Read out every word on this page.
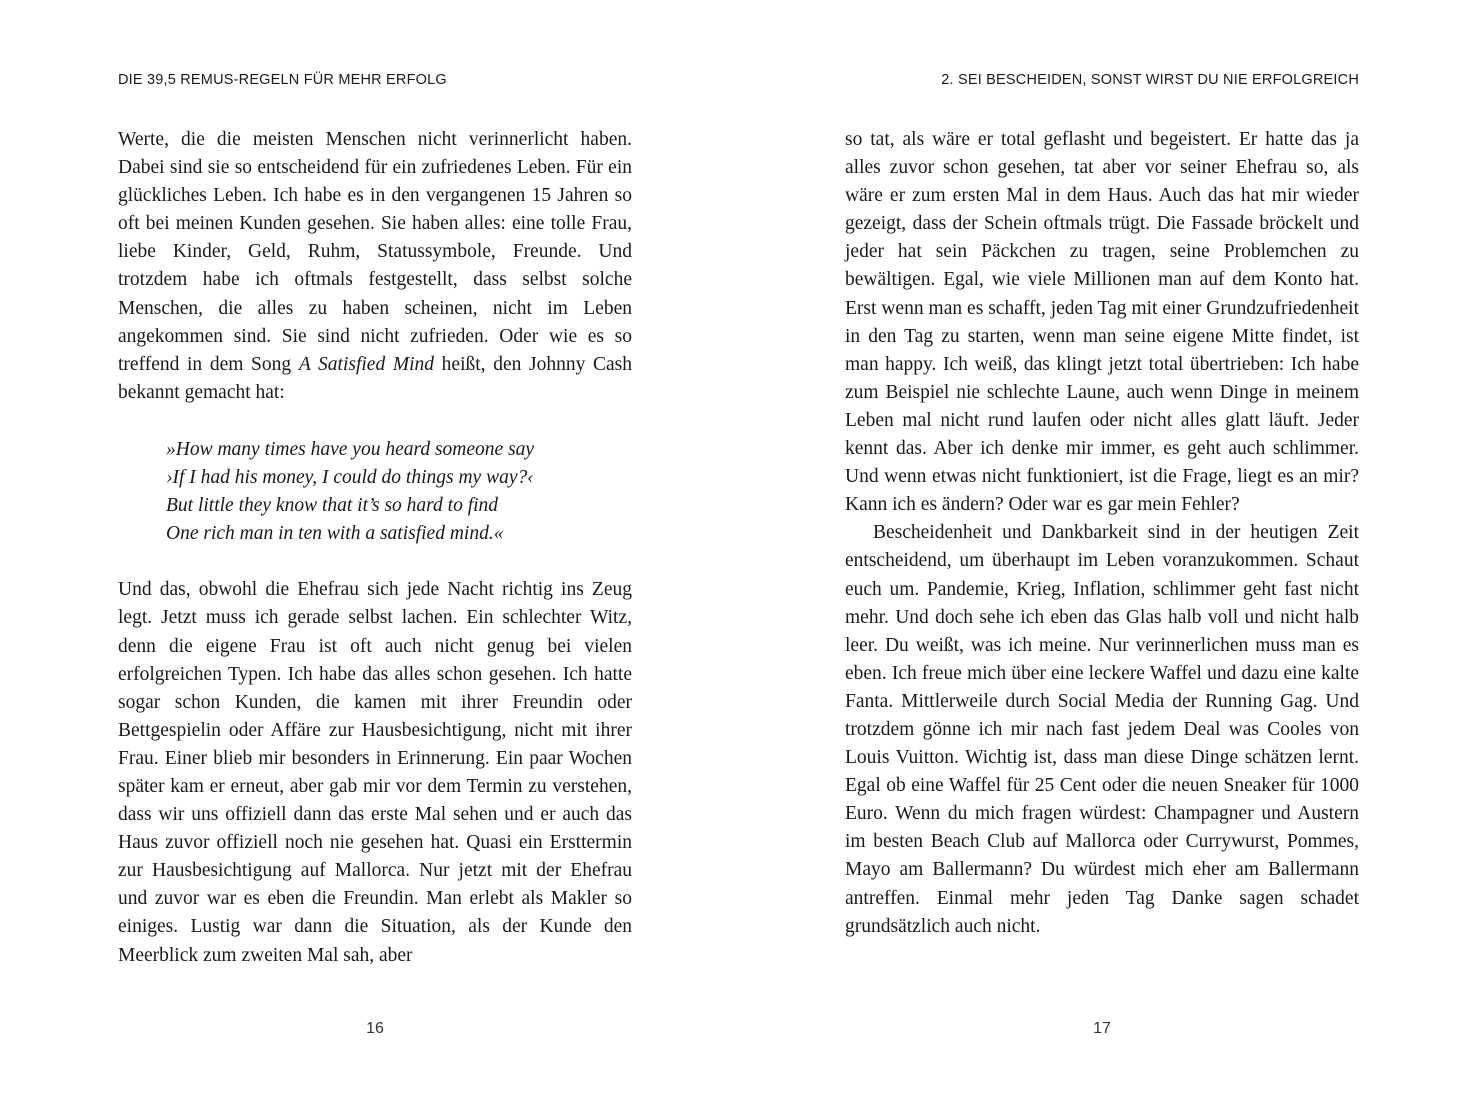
DIE 39,5 REMUS-REGELN FÜR MEHR ERFOLG

Werte, die die meisten Menschen nicht verinnerlicht haben. Dabei sind sie so entscheidend für ein zufriedenes Leben. Für ein glückliches Leben. Ich habe es in den vergangenen 15 Jahren so oft bei meinen Kunden gesehen. Sie haben alles: eine tolle Frau, liebe Kinder, Geld, Ruhm, Statussymbole, Freunde. Und trotzdem habe ich oftmals festgestellt, dass selbst solche Menschen, die alles zu haben scheinen, nicht im Leben angekommen sind. Sie sind nicht zufrieden. Oder wie es so treffend in dem Song A Satisfied Mind heißt, den Johnny Cash bekannt gemacht hat:

»How many times have you heard someone say
›If I had his money, I could do things my way?‹
But little they know that it’s so hard to find
One rich man in ten with a satisfied mind.«

Und das, obwohl die Ehefrau sich jede Nacht richtig ins Zeug legt. Jetzt muss ich gerade selbst lachen. Ein schlechter Witz, denn die eigene Frau ist oft auch nicht genug bei vielen erfolgreichen Typen. Ich habe das alles schon gesehen. Ich hatte sogar schon Kunden, die kamen mit ihrer Freundin oder Bettgespielin oder Affäre zur Hausbesichtigung, nicht mit ihrer Frau. Einer blieb mir besonders in Erinnerung. Ein paar Wochen später kam er erneut, aber gab mir vor dem Termin zu verstehen, dass wir uns offiziell dann das erste Mal sehen und er auch das Haus zuvor offiziell noch nie gesehen hat. Quasi ein Ersttermin zur Hausbesichtigung auf Mallorca. Nur jetzt mit der Ehefrau und zuvor war es eben die Freundin. Man erlebt als Makler so einiges. Lustig war dann die Situation, als der Kunde den Meerblick zum zweiten Mal sah, aber

16
2. SEI BESCHEIDEN, SONST WIRST DU NIE ERFOLGREICH

so tat, als wäre er total geflasht und begeistert. Er hatte das ja alles zuvor schon gesehen, tat aber vor seiner Ehefrau so, als wäre er zum ersten Mal in dem Haus. Auch das hat mir wieder gezeigt, dass der Schein oftmals trügt. Die Fassade bröckelt und jeder hat sein Päckchen zu tragen, seine Problemchen zu bewältigen. Egal, wie viele Millionen man auf dem Konto hat. Erst wenn man es schafft, jeden Tag mit einer Grundzufriedenheit in den Tag zu starten, wenn man seine eigene Mitte findet, ist man happy. Ich weiß, das klingt jetzt total übertrieben: Ich habe zum Beispiel nie schlechte Laune, auch wenn Dinge in meinem Leben mal nicht rund laufen oder nicht alles glatt läuft. Jeder kennt das. Aber ich denke mir immer, es geht auch schlimmer. Und wenn etwas nicht funktioniert, ist die Frage, liegt es an mir? Kann ich es ändern? Oder war es gar mein Fehler?

Bescheidenheit und Dankbarkeit sind in der heutigen Zeit entscheidend, um überhaupt im Leben voranzukommen. Schaut euch um. Pandemie, Krieg, Inflation, schlimmer geht fast nicht mehr. Und doch sehe ich eben das Glas halb voll und nicht halb leer. Du weißt, was ich meine. Nur verinnerlichen muss man es eben. Ich freue mich über eine leckere Waffel und dazu eine kalte Fanta. Mittlerweile durch Social Media der Running Gag. Und trotzdem gönne ich mir nach fast jedem Deal was Cooles von Louis Vuitton. Wichtig ist, dass man diese Dinge schätzen lernt. Egal ob eine Waffel für 25 Cent oder die neuen Sneaker für 1000 Euro. Wenn du mich fragen würdest: Champagner und Austern im besten Beach Club auf Mallorca oder Currywurst, Pommes, Mayo am Ballermann? Du würdest mich eher am Ballermann antreffen. Einmal mehr jeden Tag Danke sagen schadet grundsätzlich auch nicht.

17
